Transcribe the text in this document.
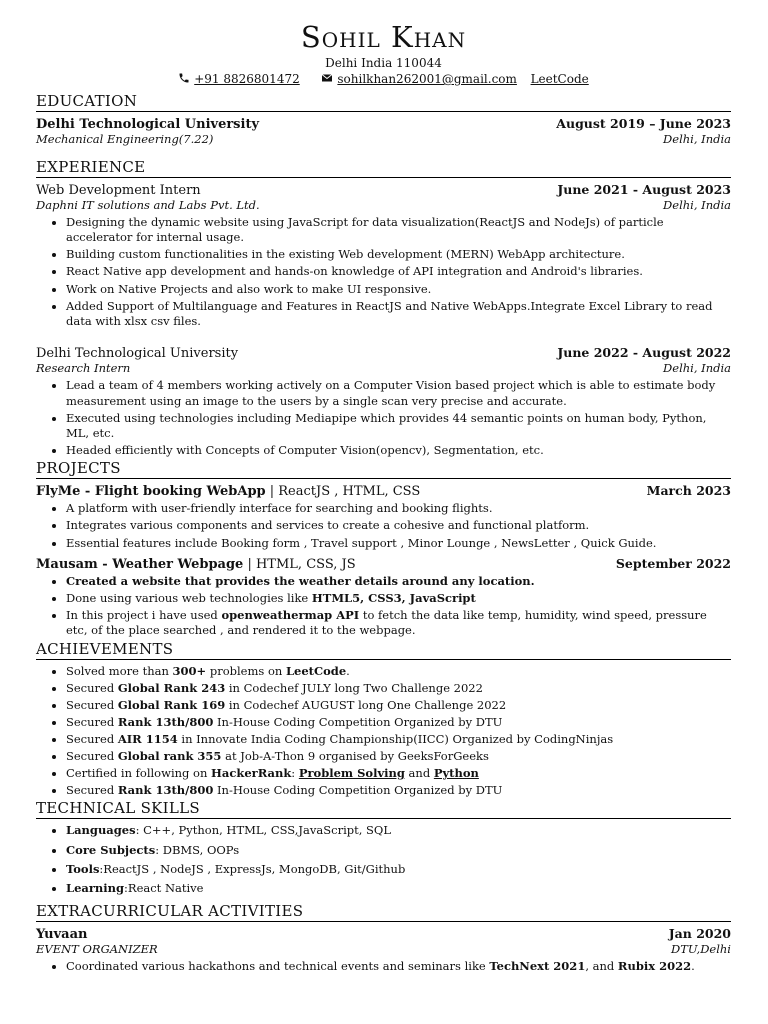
Sohil Khan
Delhi India 110044
+91 8826801472	sohilkhan262001@gmail.com LeetCode
EDUCATION
Delhi Technological University	August 2019 – June 2023
Mechanical Engineering(7.22)	Delhi, India
EXPERIENCE
Web Development Intern	June 2021 - August 2023
Daphni IT solutions and Labs Pvt. Ltd.	Delhi, India
• Designing the dynamic website using JavaScript for data visualization(ReactJS and NodeJs) of particle accelerator for internal usage.
• Building custom functionalities in the existing Web development (MERN) WebApp architecture.
• React Native app development and hands-on knowledge of API integration and Android's libraries.
• Work on Native Projects and also work to make UI responsive.
• Added Support of Multilanguage and Features in ReactJS and Native WebApps.Integrate Excel Library to read data with xlsx csv files.
Delhi Technological University	June 2022 - August 2022
Research Intern	Delhi, India
• Lead a team of 4 members working actively on a Computer Vision based project which is able to estimate body measurement using an image to the users by a single scan very precise and accurate.
• Executed using technologies including Mediapipe which provides 44 semantic points on human body, Python, ML, etc.
• Headed efficiently with Concepts of Computer Vision(opencv), Segmentation, etc.
PROJECTS
FlyMe - Flight booking WebApp | ReactJS , HTML, CSS	March 2023
• A platform with user-friendly interface for searching and booking flights.
• Integrates various components and services to create a cohesive and functional platform.
• Essential features include Booking form , Travel support , Minor Lounge , NewsLetter , Quick Guide.
Mausam - Weather Webpage | HTML, CSS, JS	September 2022
• Created a website that provides the weather details around any location.
• Done using various web technologies like HTML5, CSS3, JavaScript
• In this project i have used openweathermap API to fetch the data like temp, humidity, wind speed, pressure etc, of the place searched , and rendered it to the webpage.
ACHIEVEMENTS
• Solved more than 300+ problems on LeetCode.
• Secured Global Rank 243 in Codechef JULY long Two Challenge 2022
• Secured Global Rank 169 in Codechef AUGUST long One Challenge 2022
• Secured Rank 13th/800 In-House Coding Competition Organized by DTU
• Secured AIR 1154 in Innovate India Coding Championship(IICC) Organized by CodingNinjas
• Secured Global rank 355 at Job-A-Thon 9 organised by GeeksForGeeks
• Certified in following on HackerRank: Problem Solving and Python
• Secured Rank 13th/800 In-House Coding Competition Organized by DTU
TECHNICAL SKILLS
• Languages: C++, Python, HTML, CSS,JavaScript, SQL
• Core Subjects: DBMS, OOPs
• Tools:ReactJS , NodeJS , ExpressJs, MongoDB, Git/Github
• Learning:React Native
EXTRACURRICULAR ACTIVITIES
Yuvaan	Jan 2020
EVENT ORGANIZER	DTU,Delhi
• Coordinated various hackathons and technical events and seminars like TechNext 2021, and Rubix 2022.
